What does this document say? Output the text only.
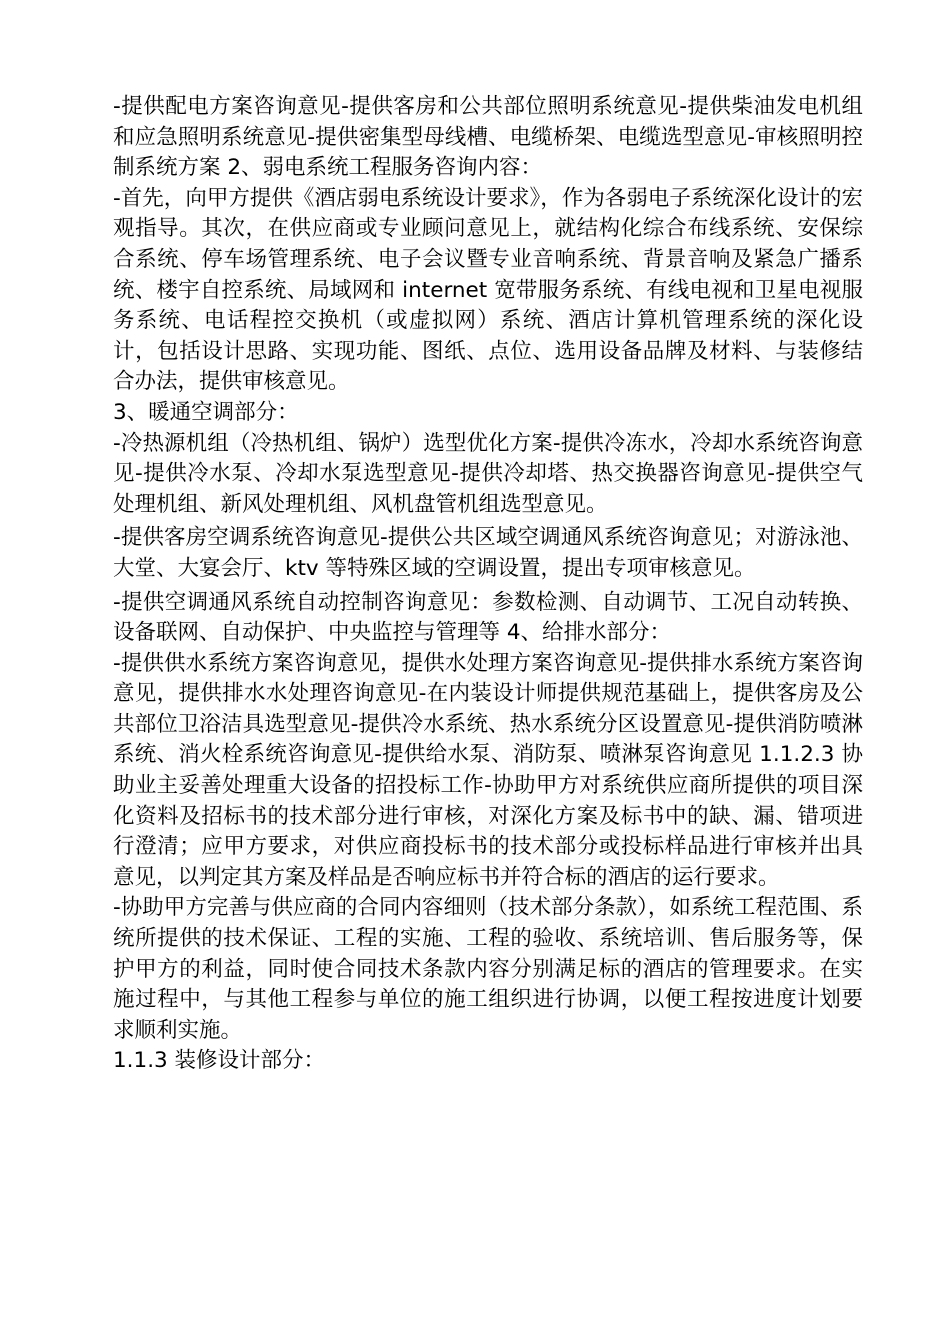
-提供配电方案咨询意见-提供客房和公共部位照明系统意见-提供柴油发电机组和应急照明系统意见-提供密集型母线槽、电缆桥架、电缆选型意见-审核照明控制系统方案 2、弱电系统工程服务咨询内容：

-首先，向甲方提供《酒店弱电系统设计要求》，作为各弱电子系统深化设计的宏观指导。其次，在供应商或专业顾问意见上，就结构化综合布线系统、安保综合系统、停车场管理系统、电子会议暨专业音响系统、背景音响及紧急广播系统、楼宇自控系统、局域网和 internet 宽带服务系统、有线电视和卫星电视服务系统、电话程控交换机（或虚拟网）系统、酒店计算机管理系统的深化设计，包括设计思路、实现功能、图纸、点位、选用设备品牌及材料、与装修结合办法，提供审核意见。

3、暖通空调部分：

-冷热源机组（冷热机组、锅炉）选型优化方案-提供冷冻水，冷却水系统咨询意见-提供冷水泵、冷却水泵选型意见-提供冷却塔、热交换器咨询意见-提供空气处理机组、新风处理机组、风机盘管机组选型意见。

-提供客房空调系统咨询意见-提供公共区域空调通风系统咨询意见；对游泳池、大堂、大宴会厅、ktv 等特殊区域的空调设置，提出专项审核意见。

-提供空调通风系统自动控制咨询意见：参数检测、自动调节、工况自动转换、设备联网、自动保护、中央监控与管理等 4、给排水部分：

-提供供水系统方案咨询意见，提供水处理方案咨询意见-提供排水系统方案咨询意见，提供排水水处理咨询意见-在内装设计师提供规范基础上，提供客房及公共部位卫浴洁具选型意见-提供冷水系统、热水系统分区设置意见-提供消防喷淋系统、消火栓系统咨询意见-提供给水泵、消防泵、喷淋泵咨询意见 1.1.2.3 协助业主妥善处理重大设备的招投标工作-协助甲方对系统供应商所提供的项目深化资料及招标书的技术部分进行审核，对深化方案及标书中的缺、漏、错项进行澄清；应甲方要求，对供应商投标书的技术部分或投标样品进行审核并出具意见，以判定其方案及样品是否响应标书并符合标的酒店的运行要求。

-协助甲方完善与供应商的合同内容细则（技术部分条款），如系统工程范围、系统所提供的技术保证、工程的实施、工程的验收、系统培训、售后服务等，保护甲方的利益，同时使合同技术条款内容分别满足标的酒店的管理要求。在实施过程中，与其他工程参与单位的施工组织进行协调，以便工程按进度计划要求顺利实施。

1.1.3 装修设计部分：
